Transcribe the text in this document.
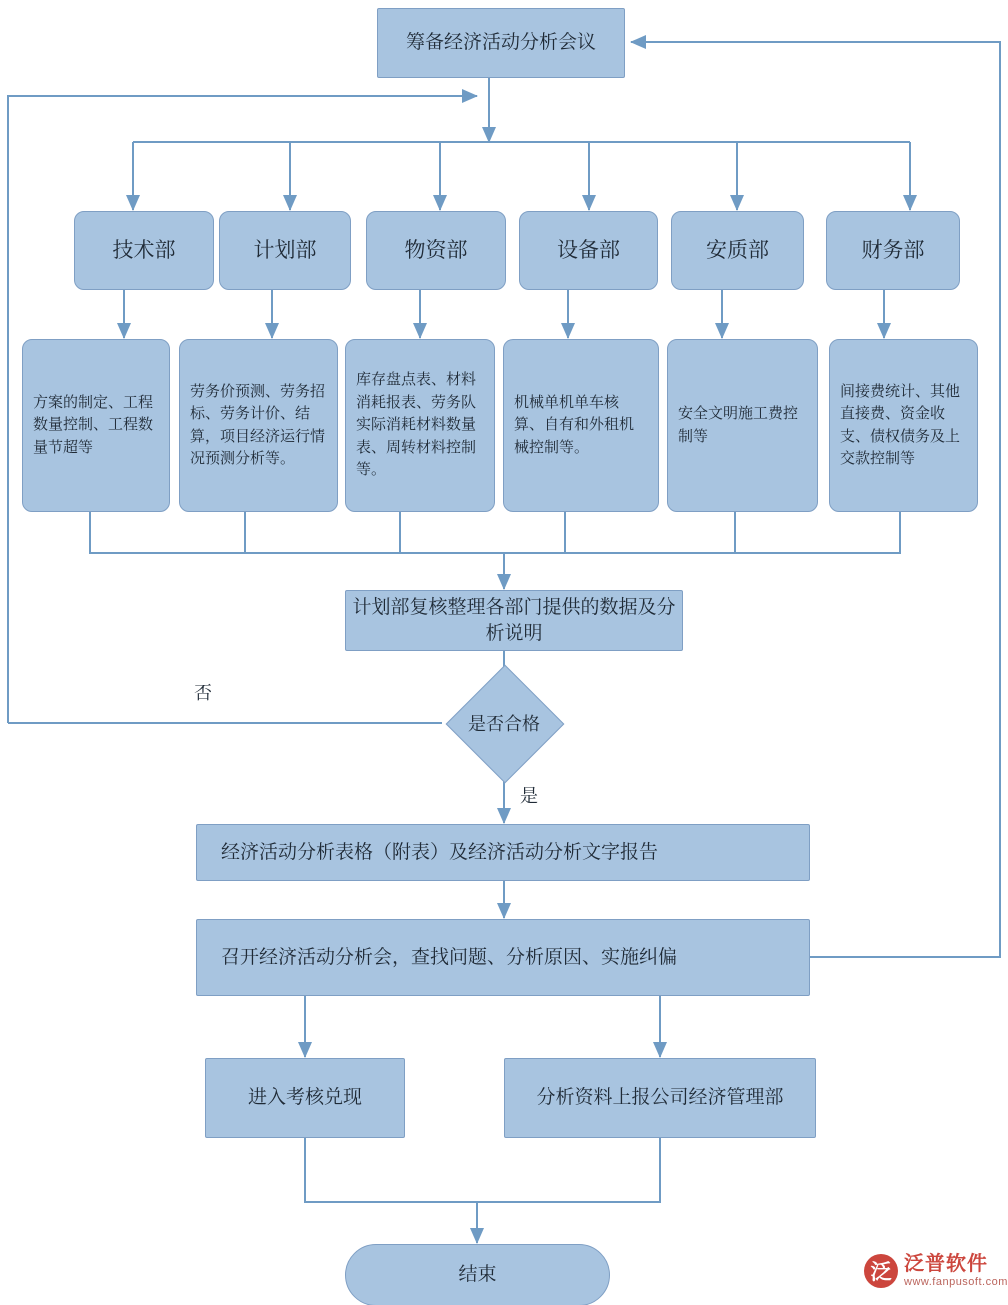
筹备经济活动分析会议
技术部	计划部	物资部	设备部	安质部	财务部
方案的制定、工程数量控制、工程数量节超等
劳务价预测、劳务招标、劳务计价、结算，项目经济运行情况预测分析等。
库存盘点表、材料消耗报表、劳务队实际消耗材料数量表、周转材料控制等。
机械单机单车核算、自有和外租机械控制等。
安全文明施工费控制等
间接费统计、其他直接费、资金收支、债权债务及上交款控制等
计划部复核整理各部门提供的数据及分析说明
是否合格
否
是
经济活动分析表格（附表）及经济活动分析文字报告
召开经济活动分析会，查找问题、分析原因、实施纠偏
进入考核兑现	分析资料上报公司经济管理部
结束	泛 泛普软件
www.fanpusoft.com
